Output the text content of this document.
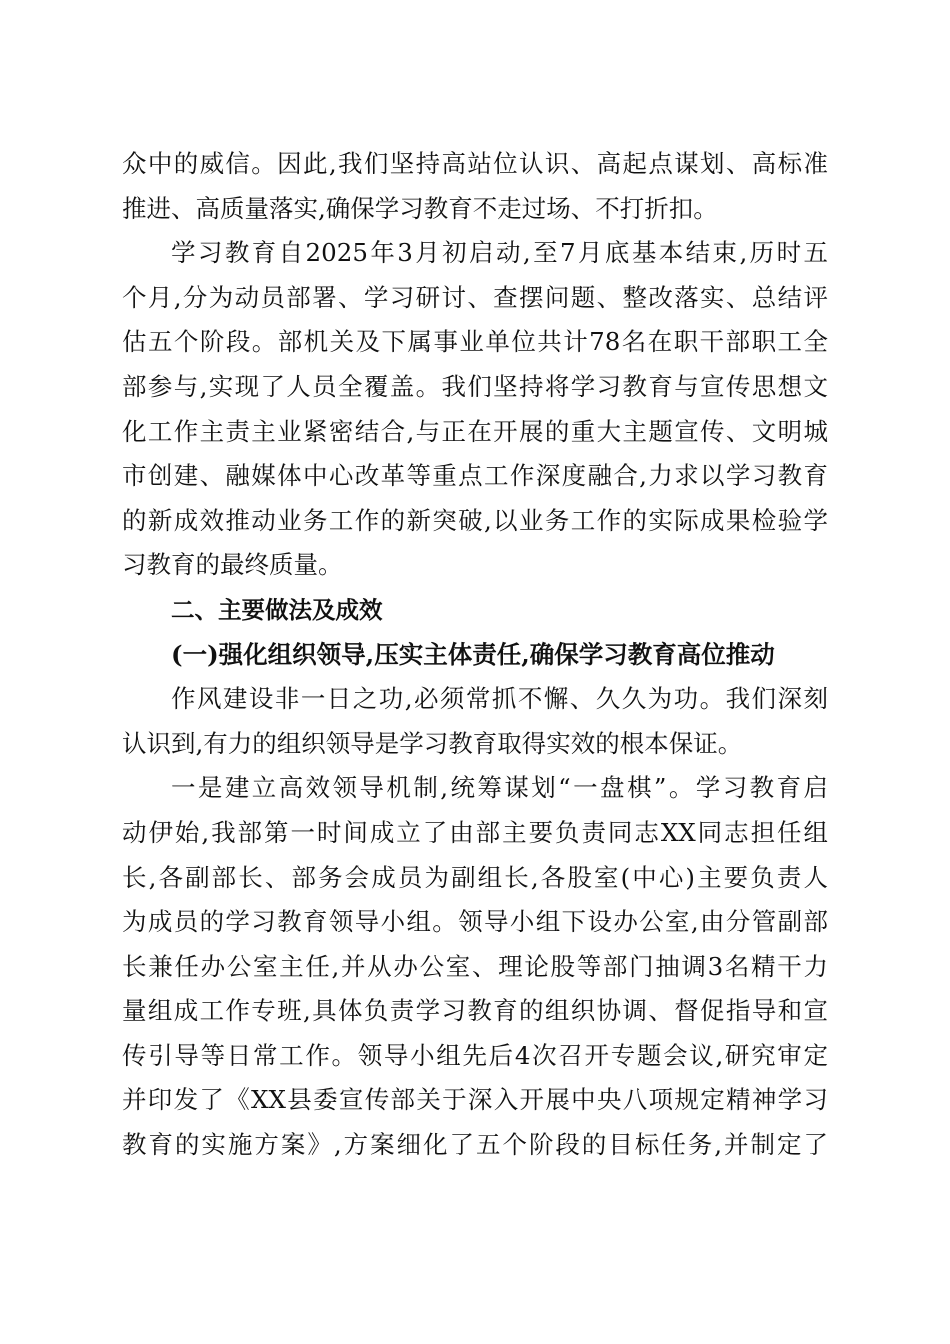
众中的威信。因此,我们坚持高站位认识、高起点谋划、高标准
推进、高质量落实,确保学习教育不走过场、不打折扣。
学习教育自2025年3月初启动,至7月底基本结束,历时五
个月,分为动员部署、学习研讨、查摆问题、整改落实、总结评
估五个阶段。部机关及下属事业单位共计78名在职干部职工全
部参与,实现了人员全覆盖。我们坚持将学习教育与宣传思想文
化工作主责主业紧密结合,与正在开展的重大主题宣传、文明城
市创建、融媒体中心改革等重点工作深度融合,力求以学习教育
的新成效推动业务工作的新突破,以业务工作的实际成果检验学
习教育的最终质量。
二、主要做法及成效
(一)强化组织领导,压实主体责任,确保学习教育高位推动
作风建设非一日之功,必须常抓不懈、久久为功。我们深刻
认识到,有力的组织领导是学习教育取得实效的根本保证。
一是建立高效领导机制,统筹谋划“一盘棋”。学习教育启
动伊始,我部第一时间成立了由部主要负责同志XX同志担任组
长,各副部长、部务会成员为副组长,各股室(中心)主要负责人
为成员的学习教育领导小组。领导小组下设办公室,由分管副部
长兼任办公室主任,并从办公室、理论股等部门抽调3名精干力
量组成工作专班,具体负责学习教育的组织协调、督促指导和宣
传引导等日常工作。领导小组先后4次召开专题会议,研究审定
并印发了《XX县委宣传部关于深入开展中央八项规定精神学习
教育的实施方案》,方案细化了五个阶段的目标任务,并制定了
